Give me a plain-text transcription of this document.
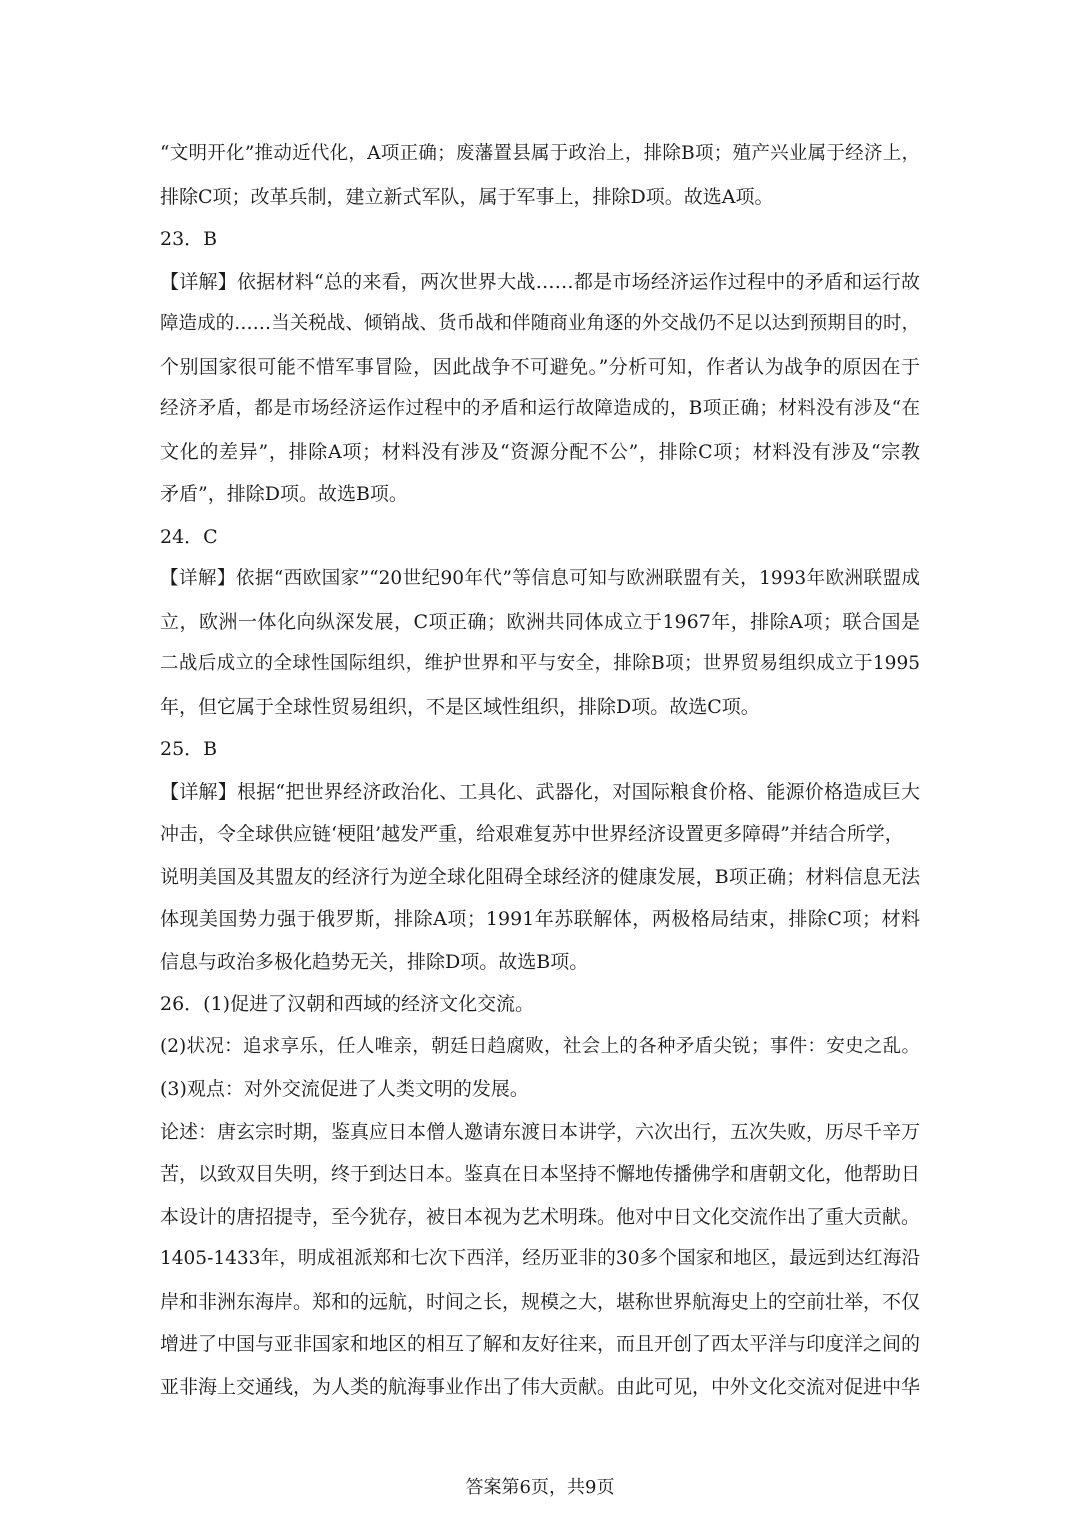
“文明开化”推动近代化，A项正确；废藩置县属于政治上，排除B项；殖产兴业属于经济上，
排除C项；改革兵制，建立新式军队，属于军事上，排除D项。故选A项。
23．B
【详解】依据材料“总的来看，两次世界大战……都是市场经济运作过程中的矛盾和运行故
障造成的……当关税战、倾销战、货币战和伴随商业角逐的外交战仍不足以达到预期目的时，
个别国家很可能不惜军事冒险，因此战争不可避免。”分析可知，作者认为战争的原因在于
经济矛盾，都是市场经济运作过程中的矛盾和运行故障造成的，B项正确；材料没有涉及“在
文化的差异”，排除A项；材料没有涉及“资源分配不公”，排除C项；材料没有涉及“宗教
矛盾”，排除D项。故选B项。
24．C
【详解】依据“西欧国家”“20世纪90年代”等信息可知与欧洲联盟有关，1993年欧洲联盟成
立，欧洲一体化向纵深发展，C项正确；欧洲共同体成立于1967年，排除A项；联合国是
二战后成立的全球性国际组织，维护世界和平与安全，排除B项；世界贸易组织成立于1995
年，但它属于全球性贸易组织，不是区域性组织，排除D项。故选C项。
25．B
【详解】根据“把世界经济政治化、工具化、武器化，对国际粮食价格、能源价格造成巨大
冲击，令全球供应链‘梗阻’越发严重，给艰难复苏中世界经济设置更多障碍”并结合所学，
说明美国及其盟友的经济行为逆全球化阻碍全球经济的健康发展，B项正确；材料信息无法
体现美国势力强于俄罗斯，排除A项；1991年苏联解体，两极格局结束，排除C项；材料
信息与政治多极化趋势无关，排除D项。故选B项。
26．(1)促进了汉朝和西域的经济文化交流。
(2)状况：追求享乐，任人唯亲，朝廷日趋腐败，社会上的各种矛盾尖锐；事件：安史之乱。
(3)观点：对外交流促进了人类文明的发展。
论述：唐玄宗时期，鉴真应日本僧人邀请东渡日本讲学，六次出行，五次失败，历尽千辛万
苦，以致双目失明，终于到达日本。鉴真在日本坚持不懈地传播佛学和唐朝文化，他帮助日
本设计的唐招提寺，至今犹存，被日本视为艺术明珠。他对中日文化交流作出了重大贡献。
1405-1433年，明成祖派郑和七次下西洋，经历亚非的30多个国家和地区，最远到达红海沿
岸和非洲东海岸。郑和的远航，时间之长，规模之大，堪称世界航海史上的空前壮举，不仅
增进了中国与亚非国家和地区的相互了解和友好往来，而且开创了西太平洋与印度洋之间的
亚非海上交通线，为人类的航海事业作出了伟大贡献。由此可见，中外文化交流对促进中华
答案第6页，共9页
